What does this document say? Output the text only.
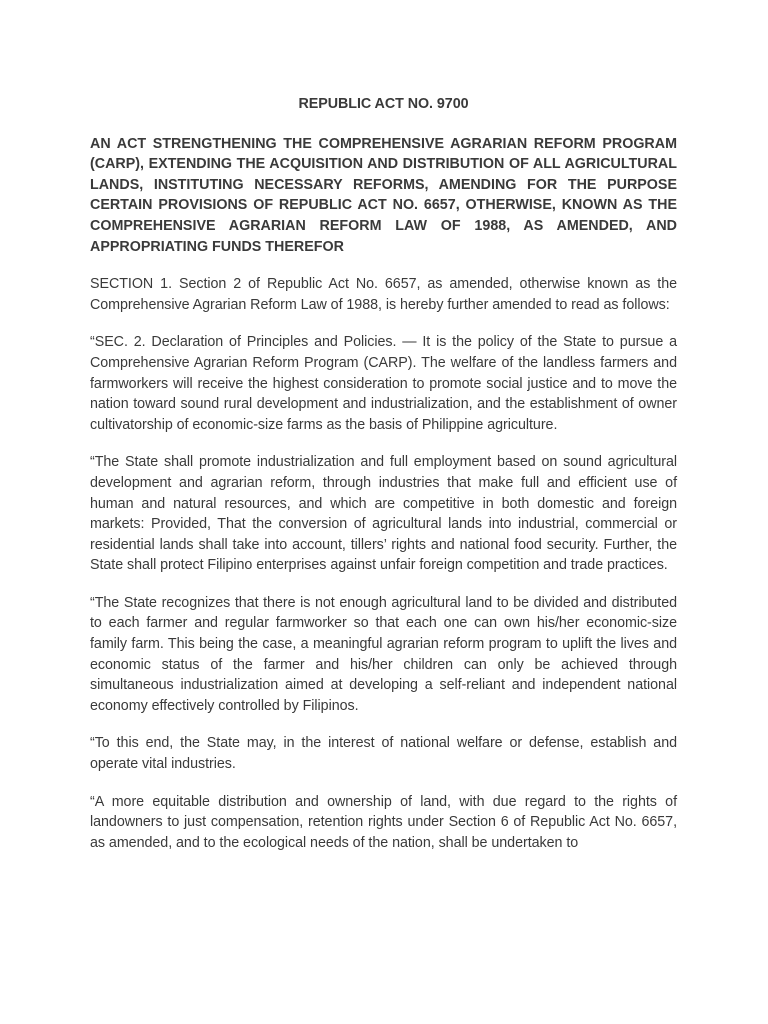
REPUBLIC ACT NO. 9700

AN ACT STRENGTHENING THE COMPREHENSIVE AGRARIAN REFORM PROGRAM (CARP), EXTENDING THE ACQUISITION AND DISTRIBUTION OF ALL AGRICULTURAL LANDS, INSTITUTING NECESSARY REFORMS, AMENDING FOR THE PURPOSE CERTAIN PROVISIONS OF REPUBLIC ACT NO. 6657, OTHERWISE, KNOWN AS THE COMPREHENSIVE AGRARIAN REFORM LAW OF 1988, AS AMENDED, AND APPROPRIATING FUNDS THEREFOR

SECTION 1. Section 2 of Republic Act No. 6657, as amended, otherwise known as the Comprehensive Agrarian Reform Law of 1988, is hereby further amended to read as follows:

“SEC. 2. Declaration of Principles and Policies. — It is the policy of the State to pursue a Comprehensive Agrarian Reform Program (CARP). The welfare of the landless farmers and farmworkers will receive the highest consideration to promote social justice and to move the nation toward sound rural development and industrialization, and the establishment of owner cultivatorship of economic-size farms as the basis of Philippine agriculture.

“The State shall promote industrialization and full employment based on sound agricultural development and agrarian reform, through industries that make full and efficient use of human and natural resources, and which are competitive in both domestic and foreign markets: Provided, That the conversion of agricultural lands into industrial, commercial or residential lands shall take into account, tillers’ rights and national food security. Further, the State shall protect Filipino enterprises against unfair foreign competition and trade practices.

“The State recognizes that there is not enough agricultural land to be divided and distributed to each farmer and regular farmworker so that each one can own his/her economic-size family farm. This being the case, a meaningful agrarian reform program to uplift the lives and economic status of the farmer and his/her children can only be achieved through simultaneous industrialization aimed at developing a self-reliant and independent national economy effectively controlled by Filipinos.

“To this end, the State may, in the interest of national welfare or defense, establish and operate vital industries.

“A more equitable distribution and ownership of land, with due regard to the rights of landowners to just compensation, retention rights under Section 6 of Republic Act No. 6657, as amended, and to the ecological needs of the nation, shall be undertaken to
